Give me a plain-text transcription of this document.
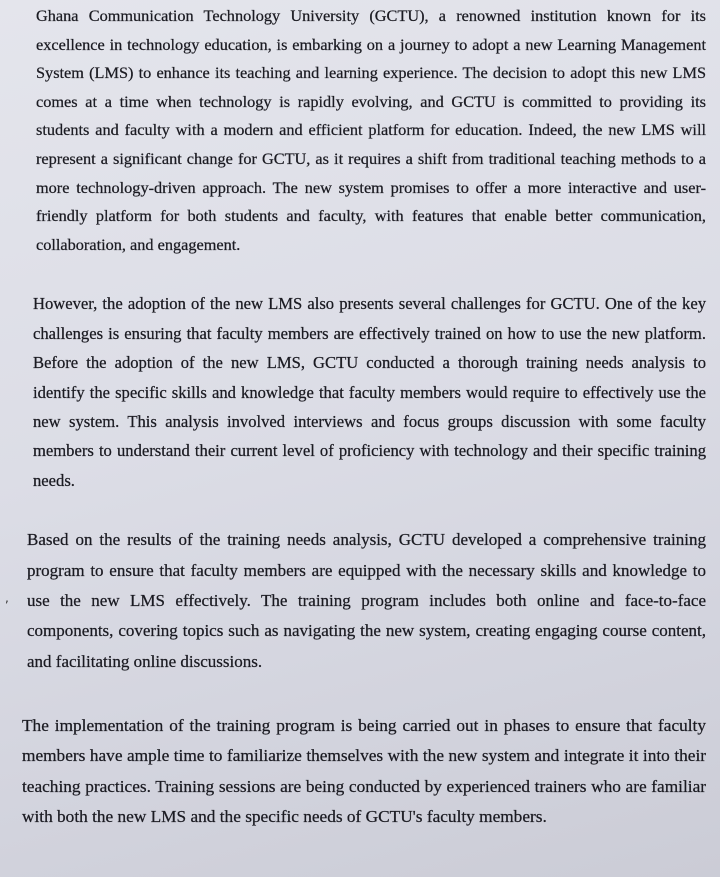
Ghana Communication Technology University (GCTU), a renowned institution known for its excellence in technology education, is embarking on a journey to adopt a new Learning Management System (LMS) to enhance its teaching and learning experience. The decision to adopt this new LMS comes at a time when technology is rapidly evolving, and GCTU is committed to providing its students and faculty with a modern and efficient platform for education. Indeed, the new LMS will represent a significant change for GCTU, as it requires a shift from traditional teaching methods to a more technology-driven approach. The new system promises to offer a more interactive and user-friendly platform for both students and faculty, with features that enable better communication, collaboration, and engagement.

However, the adoption of the new LMS also presents several challenges for GCTU. One of the key challenges is ensuring that faculty members are effectively trained on how to use the new platform. Before the adoption of the new LMS, GCTU conducted a thorough training needs analysis to identify the specific skills and knowledge that faculty members would require to effectively use the new system. This analysis involved interviews and focus groups discussion with some faculty members to understand their current level of proficiency with technology and their specific training needs.

Based on the results of the training needs analysis, GCTU developed a comprehensive training program to ensure that faculty members are equipped with the necessary skills and knowledge to use the new LMS effectively. The training program includes both online and face-to-face components, covering topics such as navigating the new system, creating engaging course content, and facilitating online discussions.

The implementation of the training program is being carried out in phases to ensure that faculty members have ample time to familiarize themselves with the new system and integrate it into their teaching practices. Training sessions are being conducted by experienced trainers who are familiar with both the new LMS and the specific needs of GCTU's faculty members.

,
